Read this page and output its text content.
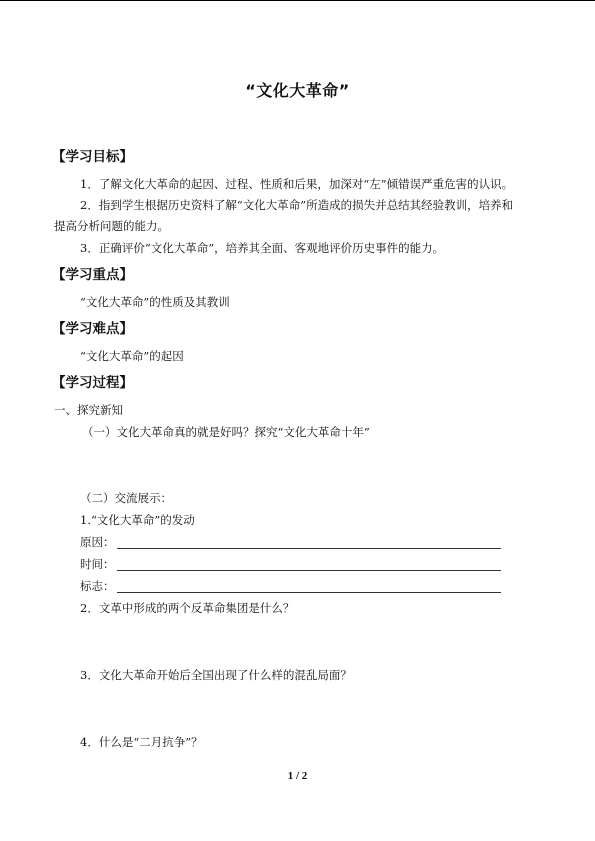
“文化大革命”
【学习目标】
1．了解文化大革命的起因、过程、性质和后果，加深对“左”倾错误严重危害的认识。
2．指到学生根据历史资料了解“文化大革命”所造成的损失并总结其经验教训，培养和
提高分析问题的能力。
3．正确评价“文化大革命”，培养其全面、客观地评价历史事件的能力。
【学习重点】
“文化大革命”的性质及其教训
【学习难点】
“文化大革命”的起因
【学习过程】
一、探究新知
（一）文化大革命真的就是好吗？探究“文化大革命十年”
（二）交流展示：
1.“文化大革命”的发动
原因：
时间：
标志：
2．文革中形成的两个反革命集团是什么？
3．文化大革命开始后全国出现了什么样的混乱局面？
4．什么是“二月抗争”？
1 / 2
